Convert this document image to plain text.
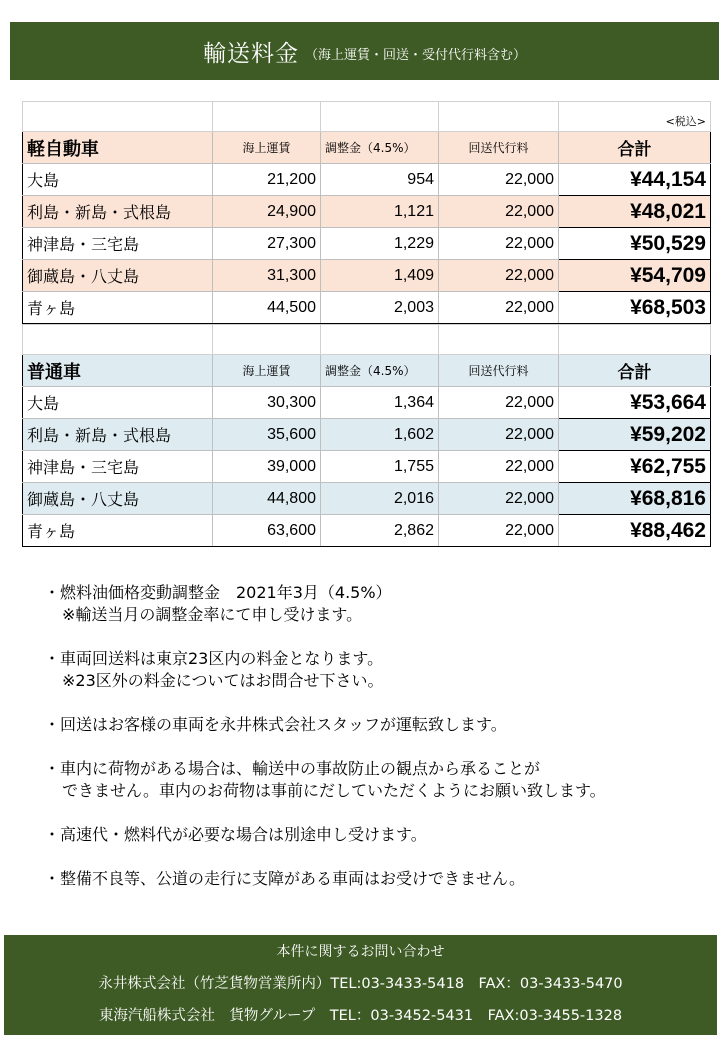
輸送料金 （海上運賃・回送・受付代行料含む）
				<税込>
軽自動車	海上運賃	調整金（4.5%）	回送代行料	合計
大島	21,200	954	22,000	¥44,154
利島・新島・式根島	24,900	1,121	22,000	¥48,021
神津島・三宅島	27,300	1,229	22,000	¥50,529
御蔵島・八丈島	31,300	1,409	22,000	¥54,709
青ヶ島	44,500	2,003	22,000	¥68,503

普通車	海上運賃	調整金（4.5%）	回送代行料	合計
大島	30,300	1,364	22,000	¥53,664
利島・新島・式根島	35,600	1,602	22,000	¥59,202
神津島・三宅島	39,000	1,755	22,000	¥62,755
御蔵島・八丈島	44,800	2,016	22,000	¥68,816
青ヶ島	63,600	2,862	22,000	¥88,462
・燃料油価格変動調整金　2021年3月（4.5%）
※輸送当月の調整金率にて申し受けます。
・車両回送料は東京23区内の料金となります。
※23区外の料金についてはお問合せ下さい。
・回送はお客様の車両を永井株式会社スタッフが運転致します。
・車内に荷物がある場合は、輸送中の事故防止の観点から承ることが
できません。車内のお荷物は事前にだしていただくようにお願い致します。
・高速代・燃料代が必要な場合は別途申し受けます。
・整備不良等、公道の走行に支障がある車両はお受けできません。
本件に関するお問い合わせ
永井株式会社（竹芝貨物営業所内）TEL:03-3433-5418　FAX：03-3433-5470
東海汽船株式会社　貨物グループ　TEL：03-3452-5431　FAX:03-3455-1328
